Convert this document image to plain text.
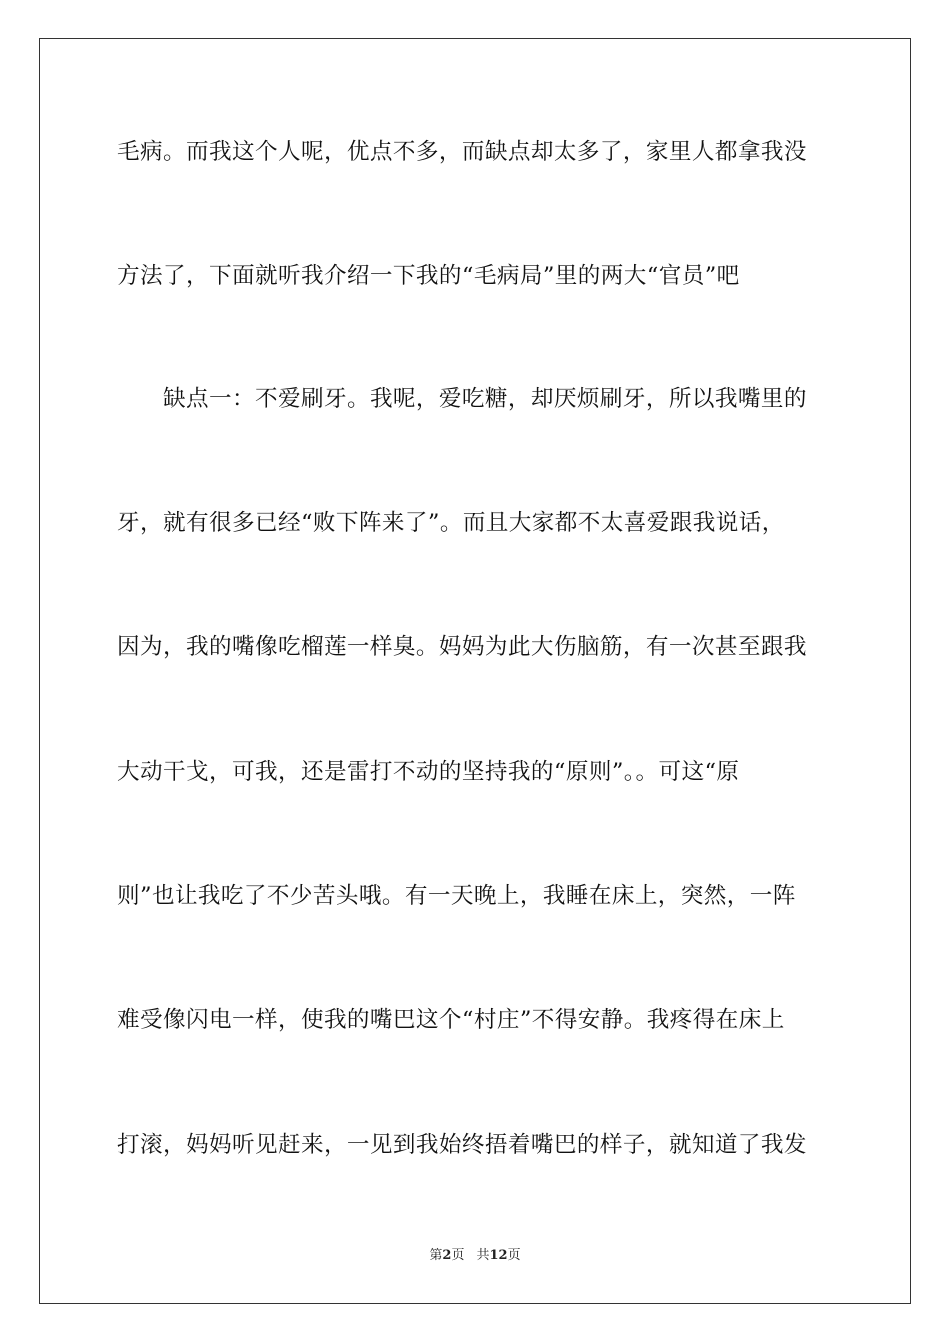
毛病。而我这个人呢，优点不多，而缺点却太多了，家里人都拿我没
方法了，下面就听我介绍一下我的“毛病局”里的两大“官员”吧
缺点一：不爱刷牙。我呢，爱吃糖，却厌烦刷牙，所以我嘴里的
牙，就有很多已经“败下阵来了”。而且大家都不太喜爱跟我说话，
因为，我的嘴像吃榴莲一样臭。妈妈为此大伤脑筋，有一次甚至跟我
大动干戈，可我，还是雷打不动的坚持我的“原则”。。可这“原
则”也让我吃了不少苦头哦。有一天晚上，我睡在床上，突然，一阵
难受像闪电一样，使我的嘴巴这个“村庄”不得安静。我疼得在床上
打滚，妈妈听见赶来，一见到我始终捂着嘴巴的样子，就知道了我发
第2页 共12页
